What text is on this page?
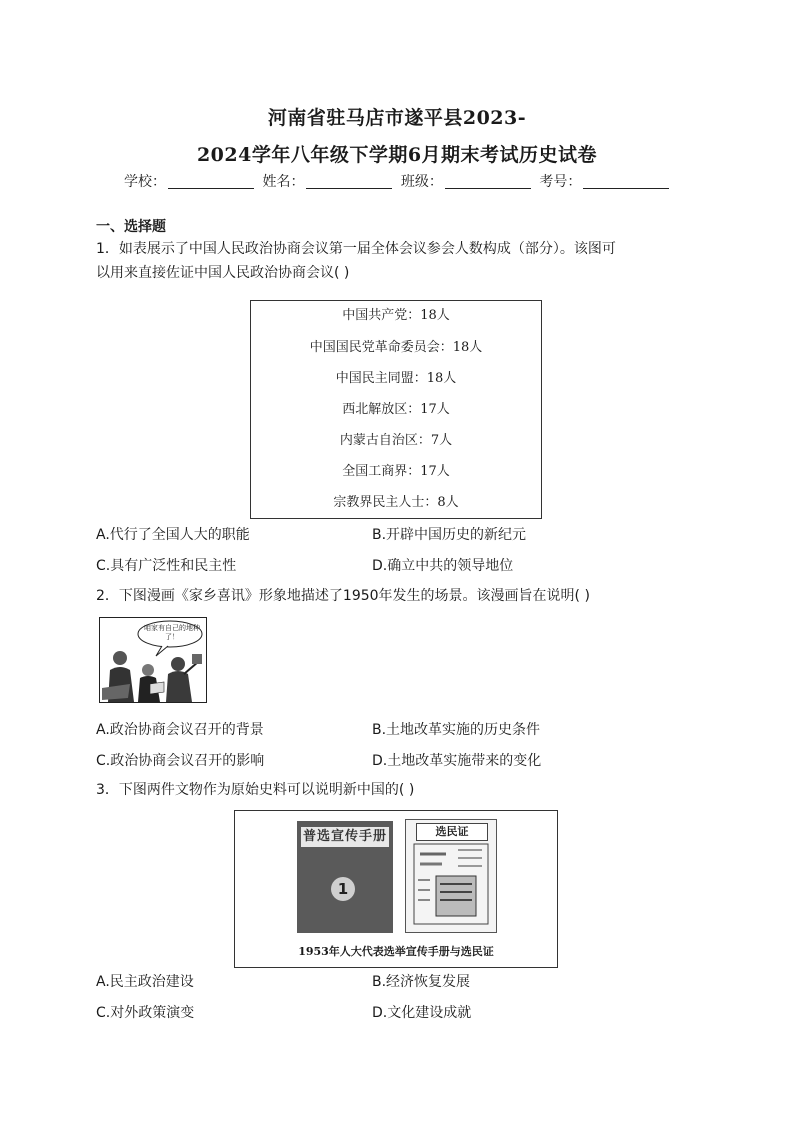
河南省驻马店市遂平县2023-
2024学年八年级下学期6月期末考试历史试卷
学校：	姓名：	班级：	考号：
一、选择题
1．如表展示了中国人民政治协商会议第一届全体会议参会人数构成（部分）。该图可
以用来直接佐证中国人民政治协商会议( )
中国共产党：18人
中国国民党革命委员会：18人
中国民主同盟：18人
西北解放区：17人
内蒙古自治区：7人
全国工商界：17人
宗教界民主人士：8人
A.代行了全国人大的职能	B.开辟中国历史的新纪元
C.具有广泛性和民主性	D.确立中共的领导地位
2．下图漫画《家乡喜讯》形象地描述了1950年发生的场景。该漫画旨在说明( )
咱家有自己的地种了！
A.政治协商会议召开的背景	B.土地改革实施的历史条件
C.政治协商会议召开的影响	D.土地改革实施带来的变化
3．下图两件文物作为原始史料可以说明新中国的( )
普选宣传手册
1
选民证
1953年人大代表选举宣传手册与选民证
A.民主政治建设	B.经济恢复发展
C.对外政策演变	D.文化建设成就
